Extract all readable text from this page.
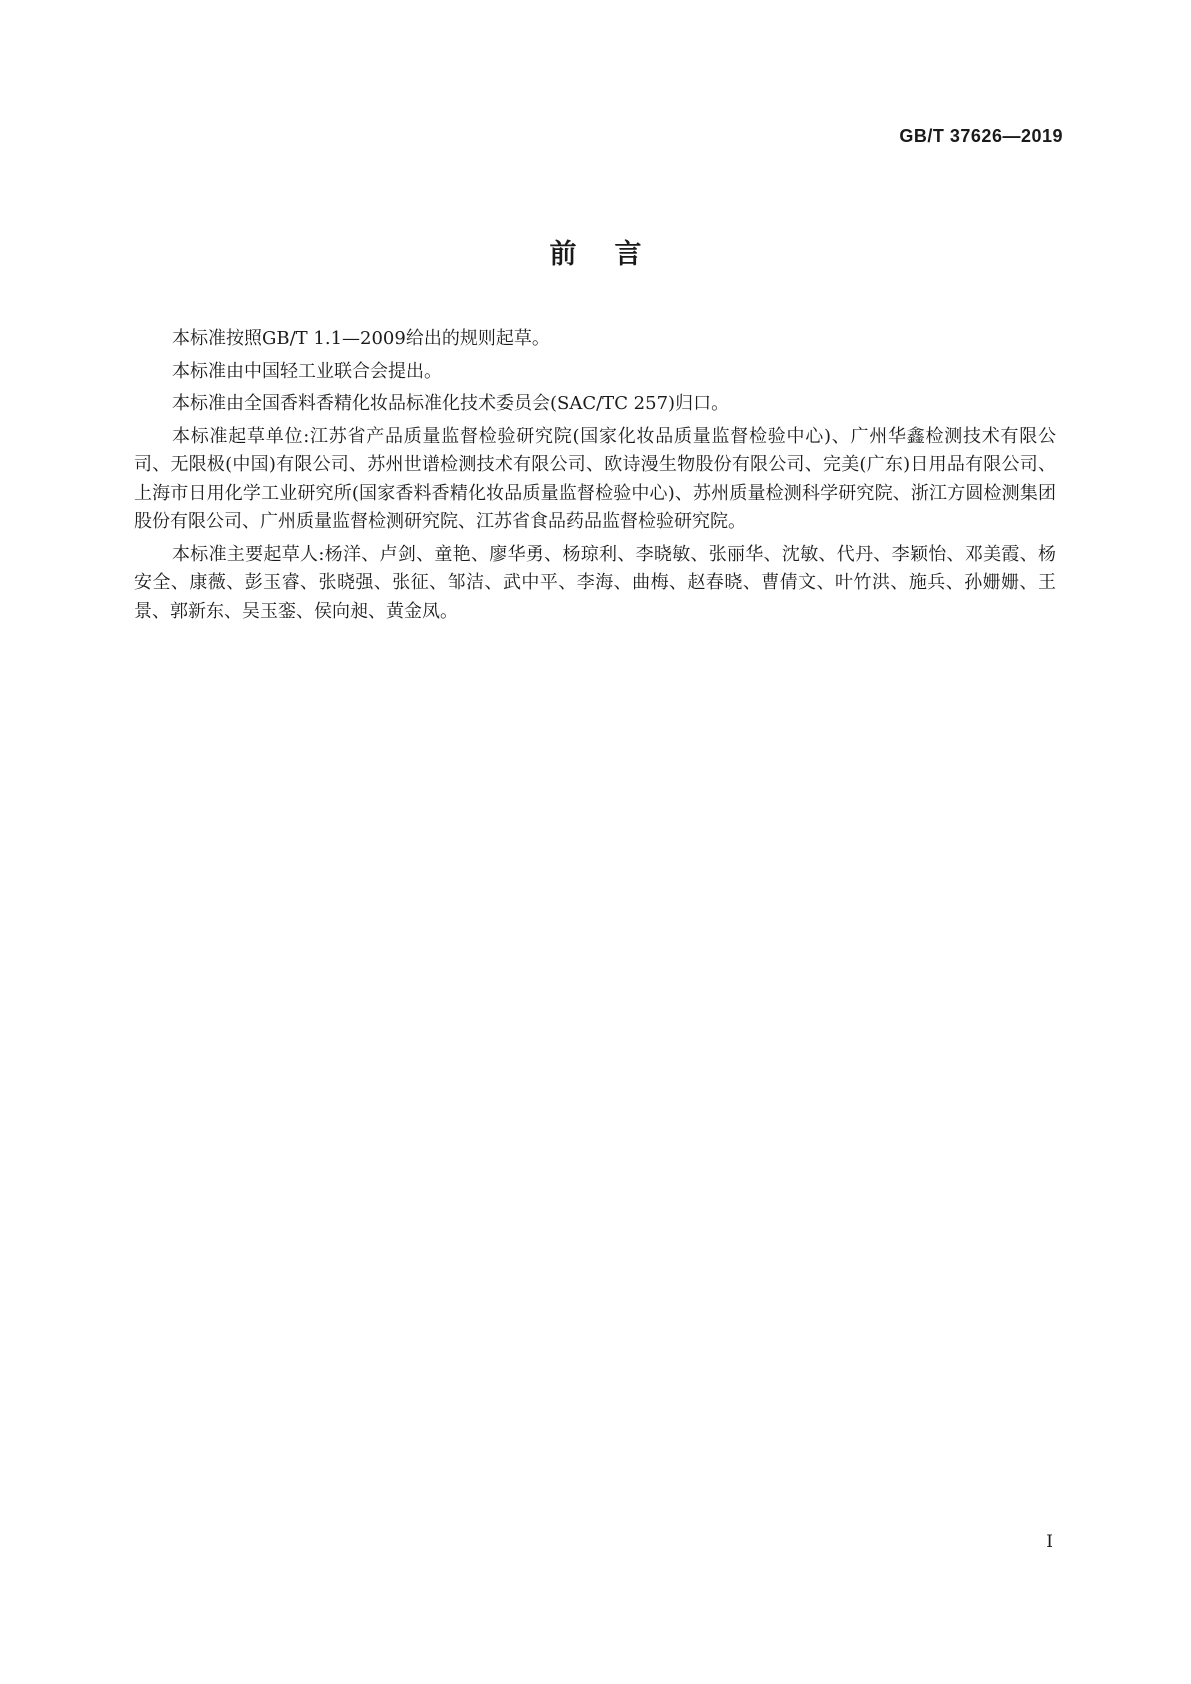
GB/T 37626—2019
前言

本标准按照GB/T 1.1—2009给出的规则起草。

本标准由中国轻工业联合会提出。

本标准由全国香料香精化妆品标准化技术委员会(SAC/TC 257)归口。

本标准起草单位:江苏省产品质量监督检验研究院(国家化妆品质量监督检验中心)、广州华鑫检测技术有限公司、无限极(中国)有限公司、苏州世谱检测技术有限公司、欧诗漫生物股份有限公司、完美(广东)日用品有限公司、上海市日用化学工业研究所(国家香料香精化妆品质量监督检验中心)、苏州质量检测科学研究院、浙江方圆检测集团股份有限公司、广州质量监督检测研究院、江苏省食品药品监督检验研究院。

本标准主要起草人:杨洋、卢剑、童艳、廖华勇、杨琼利、李晓敏、张丽华、沈敏、代丹、李颖怡、邓美霞、杨安全、康薇、彭玉睿、张晓强、张征、邹洁、武中平、李海、曲梅、赵春晓、曹倩文、叶竹洪、施兵、孙姗姗、王景、郭新东、吴玉銮、侯向昶、黄金凤。

I
